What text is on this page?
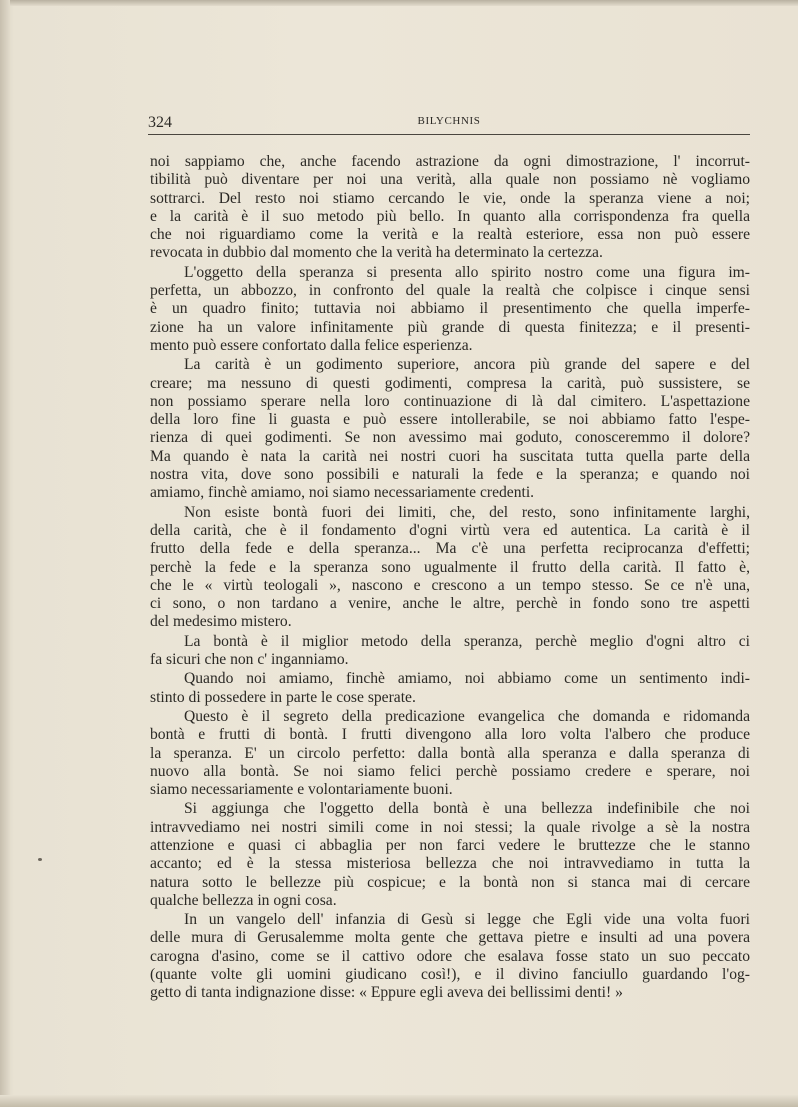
324	BILYCHNIS
noi sappiamo che, anche facendo astrazione da ogni dimostrazione, l' incorrut-
tibilità può diventare per noi una verità, alla quale non possiamo nè vogliamo
sottrarci. Del resto noi stiamo cercando le vie, onde la speranza viene a noi;
e la carità è il suo metodo più bello. In quanto alla corrispondenza fra quella
che noi riguardiamo come la verità e la realtà esteriore, essa non può essere
revocata in dubbio dal momento che la verità ha determinato la certezza.
L'oggetto della speranza si presenta allo spirito nostro come una figura im-
perfetta, un abbozzo, in confronto del quale la realtà che colpisce i cinque sensi
è un quadro finito; tuttavia noi abbiamo il presentimento che quella imperfe-
zione ha un valore infinitamente più grande di questa finitezza; e il presenti-
mento può essere confortato dalla felice esperienza.
La carità è un godimento superiore, ancora più grande del sapere e del
creare; ma nessuno di questi godimenti, compresa la carità, può sussistere, se
non possiamo sperare nella loro continuazione di là dal cimitero. L'aspettazione
della loro fine li guasta e può essere intollerabile, se noi abbiamo fatto l'espe-
rienza di quei godimenti. Se non avessimo mai goduto, conosceremmo il dolore?
Ma quando è nata la carità nei nostri cuori ha suscitata tutta quella parte della
nostra vita, dove sono possibili e naturali la fede e la speranza; e quando noi
amiamo, finchè amiamo, noi siamo necessariamente credenti.
Non esiste bontà fuori dei limiti, che, del resto, sono infinitamente larghi,
della carità, che è il fondamento d'ogni virtù vera ed autentica. La carità è il
frutto della fede e della speranza... Ma c'è una perfetta reciprocanza d'effetti;
perchè la fede e la speranza sono ugualmente il frutto della carità. Il fatto è,
che le « virtù teologali », nascono e crescono a un tempo stesso. Se ce n'è una,
ci sono, o non tardano a venire, anche le altre, perchè in fondo sono tre aspetti
del medesimo mistero.
La bontà è il miglior metodo della speranza, perchè meglio d'ogni altro ci
fa sicuri che non c' inganniamo.
Quando noi amiamo, finchè amiamo, noi abbiamo come un sentimento indi-
stinto di possedere in parte le cose sperate.
Questo è il segreto della predicazione evangelica che domanda e ridomanda
bontà e frutti di bontà. I frutti divengono alla loro volta l'albero che produce
la speranza. E' un circolo perfetto: dalla bontà alla speranza e dalla speranza di
nuovo alla bontà. Se noi siamo felici perchè possiamo credere e sperare, noi
siamo necessariamente e volontariamente buoni.
Si aggiunga che l'oggetto della bontà è una bellezza indefinibile che noi
intravvediamo nei nostri simili come in noi stessi; la quale rivolge a sè la nostra
attenzione e quasi ci abbaglia per non farci vedere le bruttezze che le stanno
accanto; ed è la stessa misteriosa bellezza che noi intravvediamo in tutta la
natura sotto le bellezze più cospicue; e la bontà non si stanca mai di cercare
qualche bellezza in ogni cosa.
In un vangelo dell' infanzia di Gesù si legge che Egli vide una volta fuori
delle mura di Gerusalemme molta gente che gettava pietre e insulti ad una povera
carogna d'asino, come se il cattivo odore che esalava fosse stato un suo peccato
(quante volte gli uomini giudicano così!), e il divino fanciullo guardando l'og-
getto di tanta indignazione disse: « Eppure egli aveva dei bellissimi denti! »
